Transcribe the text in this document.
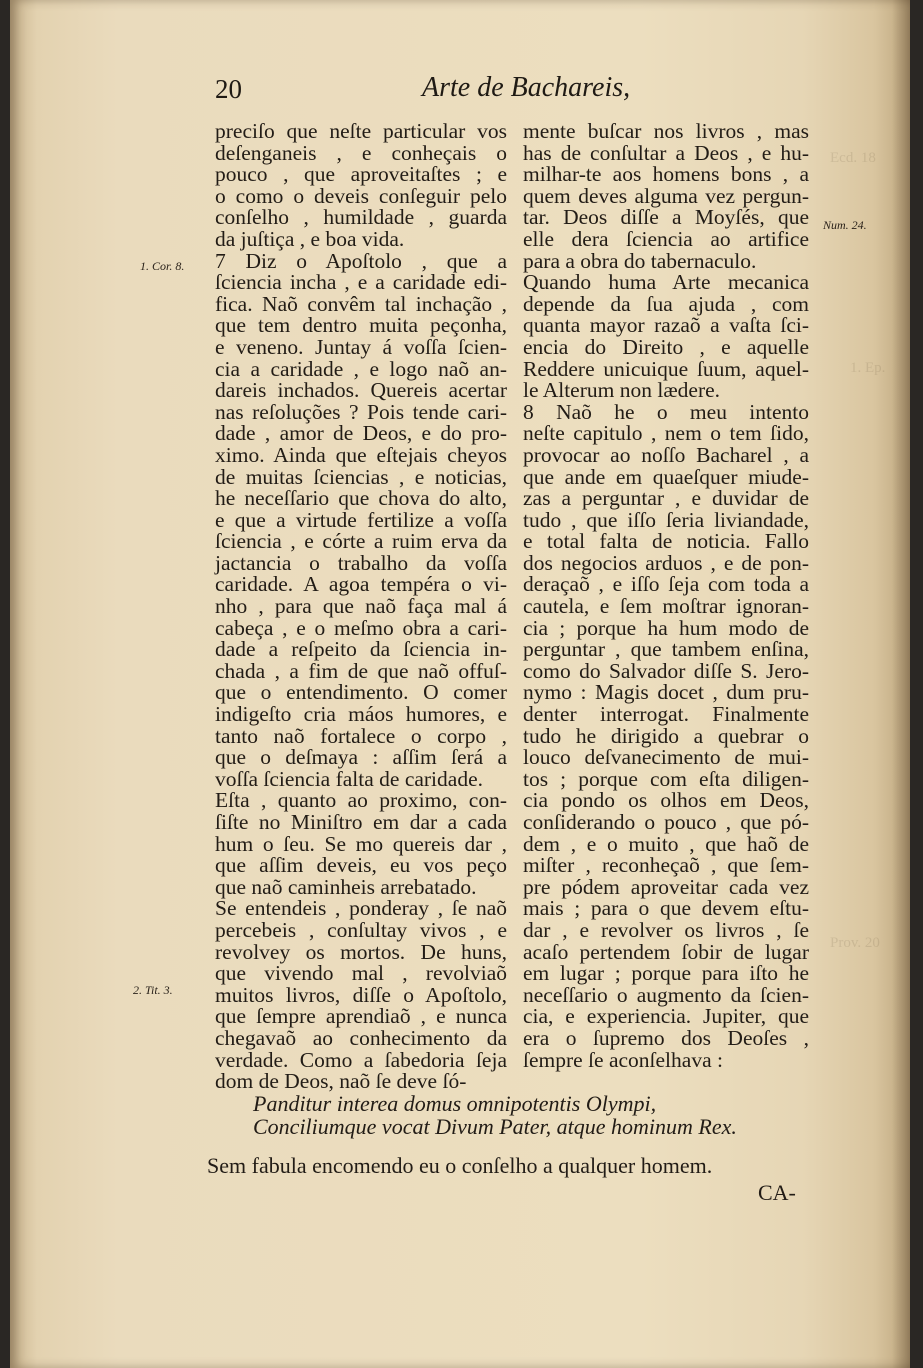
Ecd. 18
1. Ep.
Prov. 20
20	Arte de Bachareis,
1. Cor. 8.
Num. 24.
2. Tit. 3.
preciſo que neſte particular vos
deſenganeis , e conheçais o
pouco , que aproveitaſtes ; e
o como o deveis conſeguir pelo
conſelho , humildade , guarda
da juſtiça , e boa vida.
7 Diz o Apoſtolo , que a
ſciencia incha , e a caridade edi-
fica. Naõ convêm tal inchação ,
que tem dentro muita peçonha,
e veneno. Juntay á voſſa ſcien-
cia a caridade , e logo naõ an-
dareis inchados. Quereis acertar
nas reſoluções ? Pois tende cari-
dade , amor de Deos, e do pro-
ximo. Ainda que eſtejais cheyos
de muitas ſciencias , e noticias,
he neceſſario que chova do alto,
e que a virtude fertilize a voſſa
ſciencia , e córte a ruim erva da
jactancia o trabalho da voſſa
caridade. A agoa tempéra o vi-
nho , para que naõ faça mal á
cabeça , e o meſmo obra a cari-
dade a reſpeito da ſciencia in-
chada , a fim de que naõ offuſ-
que o entendimento. O comer
indigeſto cria máos humores, e
tanto naõ fortalece o corpo ,
que o deſmaya : aſſim ſerá a
voſſa ſciencia falta de caridade.
Eſta , quanto ao proximo, con-
ſiſte no Miniſtro em dar a cada
hum o ſeu. Se mo quereis dar ,
que aſſim deveis, eu vos peço
que naõ caminheis arrebatado.
Se entendeis , ponderay , ſe naõ
percebeis , conſultay vivos , e
revolvey os mortos. De huns,
que vivendo mal , revolviaõ
muitos livros, diſſe o Apoſtolo,
que ſempre aprendiaõ , e nunca
chegavaõ ao conhecimento da
verdade. Como a ſabedoria ſeja
dom de Deos, naõ ſe deve ſó-
mente buſcar nos livros , mas
has de conſultar a Deos , e hu-
milhar-te aos homens bons , a
quem deves alguma vez pergun-
tar. Deos diſſe a Moyſés, que
elle dera ſciencia ao artifice
para a obra do tabernaculo.
Quando huma Arte mecanica
depende da ſua ajuda , com
quanta mayor razaõ a vaſta ſci-
encia do Direito , e aquelle
Reddere unicuique ſuum, aquel-
le Alterum non lædere.
8 Naõ he o meu intento
neſte capitulo , nem o tem ſido,
provocar ao noſſo Bacharel , a
que ande em quaeſquer miude-
zas a perguntar , e duvidar de
tudo , que iſſo ſeria liviandade,
e total falta de noticia. Fallo
dos negocios arduos , e de pon-
deraçaõ , e iſſo ſeja com toda a
cautela, e ſem moſtrar ignoran-
cia ; porque ha hum modo de
perguntar , que tambem enſina,
como do Salvador diſſe S. Jero-
nymo : Magis docet , dum pru-
denter interrogat. Finalmente
tudo he dirigido a quebrar o
louco deſvanecimento de mui-
tos ; porque com eſta diligen-
cia pondo os olhos em Deos,
conſiderando o pouco , que pó-
dem , e o muito , que haõ de
miſter , reconheçaõ , que ſem-
pre pódem aproveitar cada vez
mais ; para o que devem eſtu-
dar , e revolver os livros , ſe
acaſo pertendem ſobir de lugar
em lugar ; porque para iſto he
neceſſario o augmento da ſcien-
cia, e experiencia. Jupiter, que
era o ſupremo dos Deoſes ,
ſempre ſe aconſelhava :
Panditur interea domus omnipotentis Olympi,
Conciliumque vocat Divum Pater, atque hominum Rex.
Sem fabula encomendo eu o conſelho a qualquer homem.
CA-
